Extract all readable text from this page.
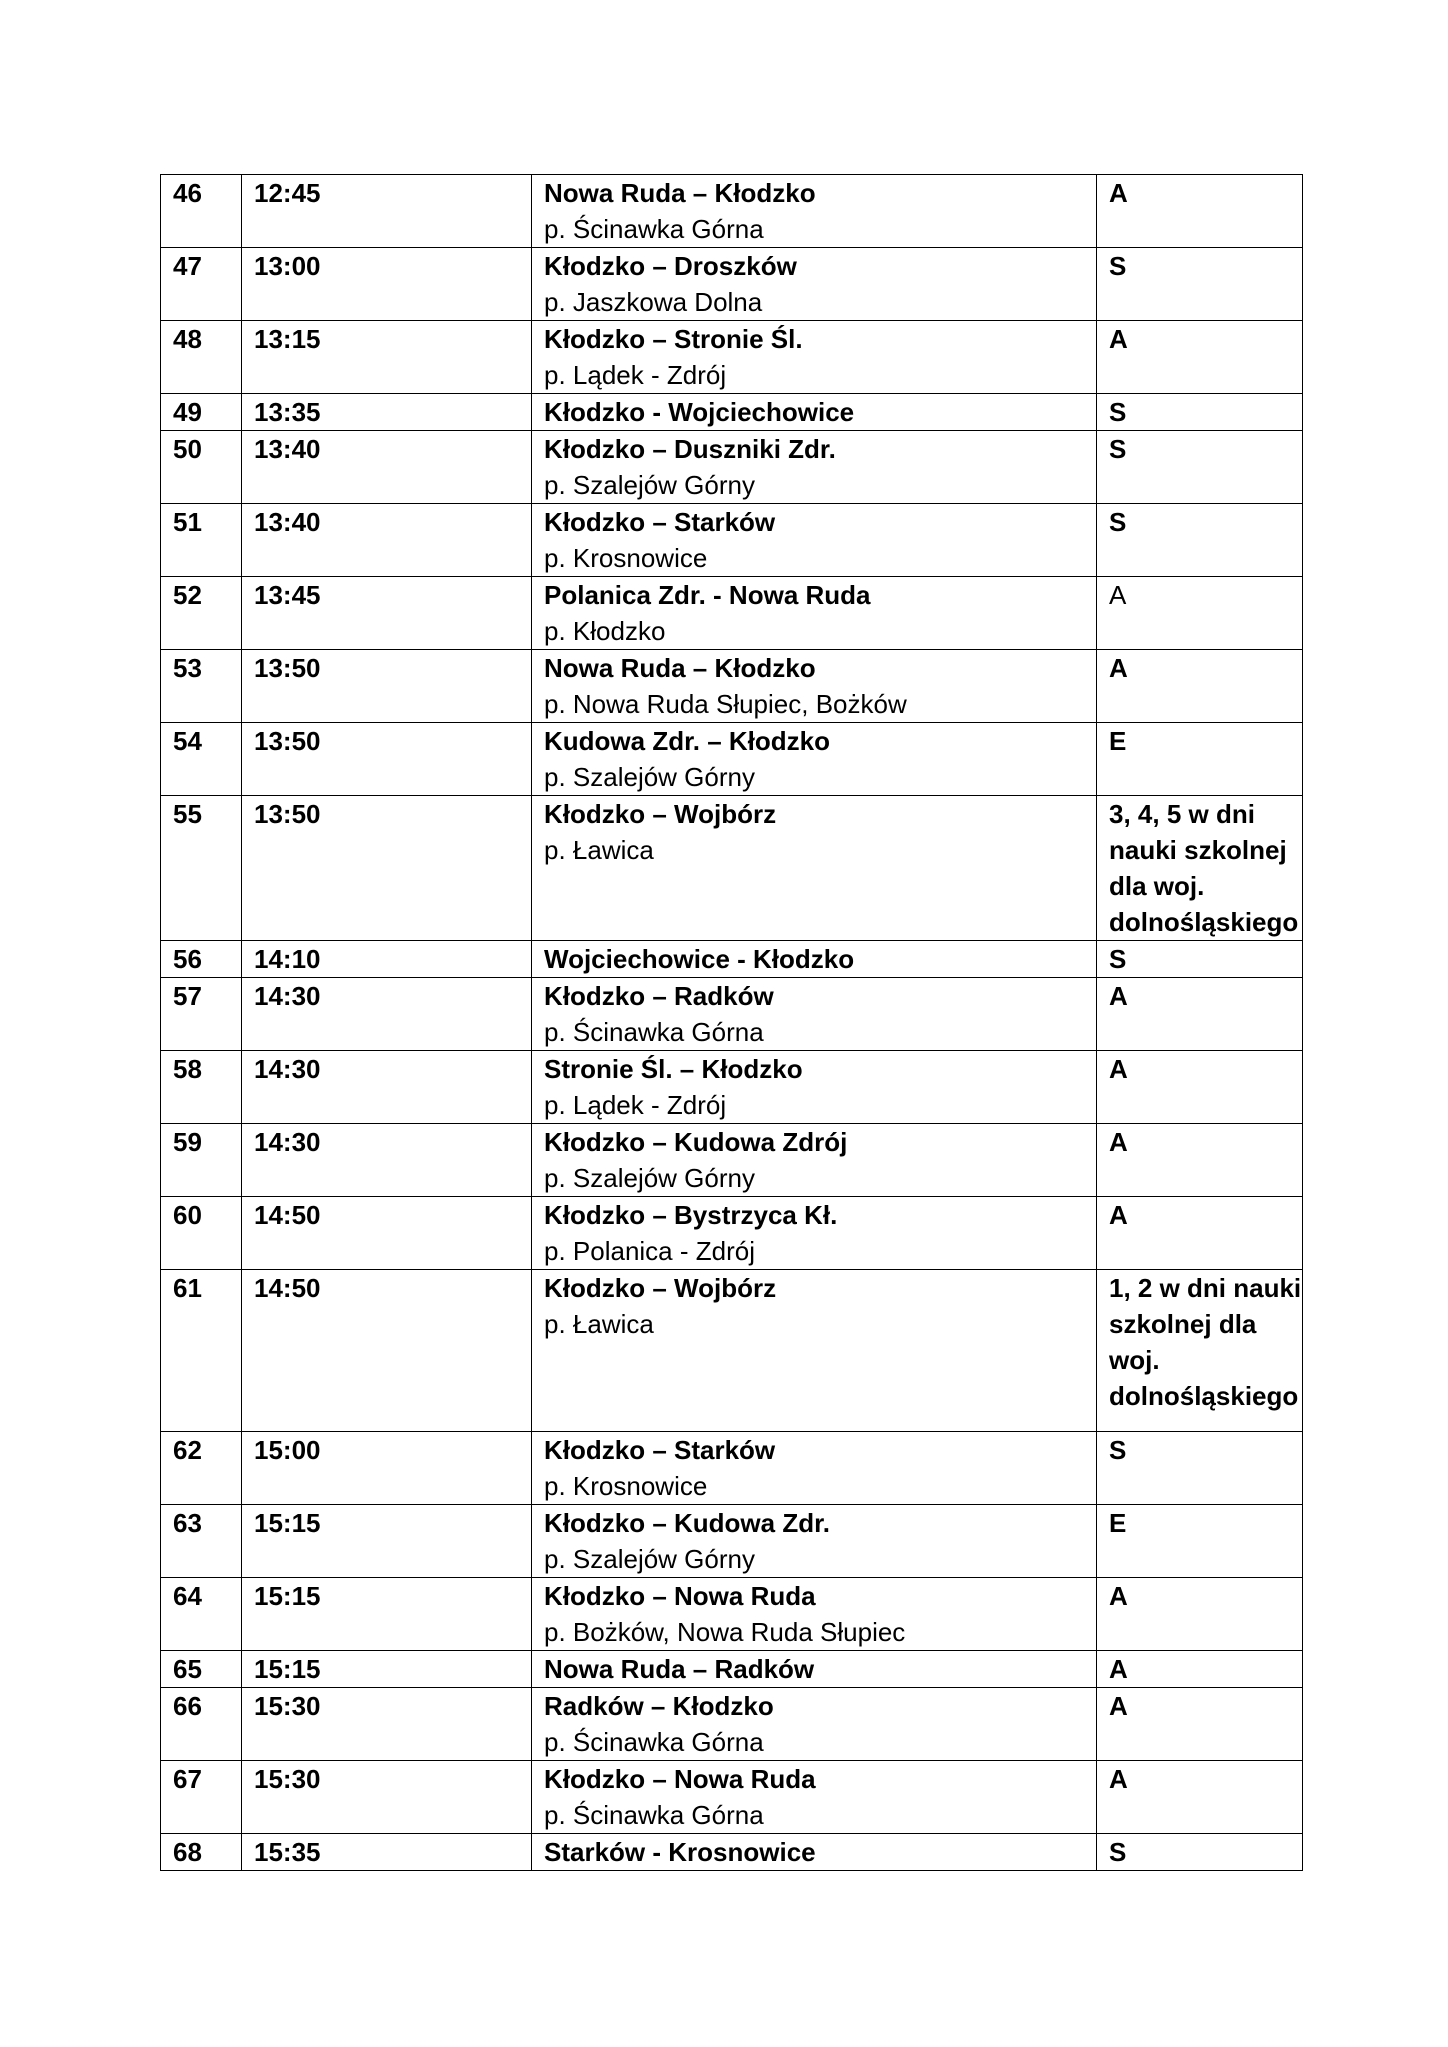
46	12:45	Nowa Ruda – Kłodzko
p. Ścinawka Górna	A
47	13:00	Kłodzko – Droszków
p. Jaszkowa Dolna	S
48	13:15	Kłodzko – Stronie Śl.
p. Lądek - Zdrój	A
49	13:35	Kłodzko - Wojciechowice	S
50	13:40	Kłodzko – Duszniki Zdr.
p. Szalejów Górny	S
51	13:40	Kłodzko – Starków
p. Krosnowice	S
52	13:45	Polanica Zdr. - Nowa Ruda
p. Kłodzko	A
53	13:50	Nowa Ruda – Kłodzko
p. Nowa Ruda Słupiec, Bożków	A
54	13:50	Kudowa Zdr. – Kłodzko
p. Szalejów Górny	E
55	13:50	Kłodzko – Wojbórz
p. Ławica	3, 4, 5 w dni nauki szkolnej dla woj. dolnośląskiego
56	14:10	Wojciechowice - Kłodzko	S
57	14:30	Kłodzko – Radków
p. Ścinawka Górna	A
58	14:30	Stronie Śl. – Kłodzko
p. Lądek - Zdrój	A
59	14:30	Kłodzko – Kudowa Zdrój
p. Szalejów Górny	A
60	14:50	Kłodzko – Bystrzyca Kł.
p. Polanica - Zdrój	A
61	14:50	Kłodzko – Wojbórz
p. Ławica	1, 2 w dni nauki szkolnej dla woj. dolnośląskiego
62	15:00	Kłodzko – Starków
p. Krosnowice	S
63	15:15	Kłodzko – Kudowa Zdr.
p. Szalejów Górny	E
64	15:15	Kłodzko – Nowa Ruda
p. Bożków, Nowa Ruda Słupiec	A
65	15:15	Nowa Ruda – Radków	A
66	15:30	Radków – Kłodzko
p. Ścinawka Górna	A
67	15:30	Kłodzko – Nowa Ruda
p. Ścinawka Górna	A
68	15:35	Starków - Krosnowice	S
